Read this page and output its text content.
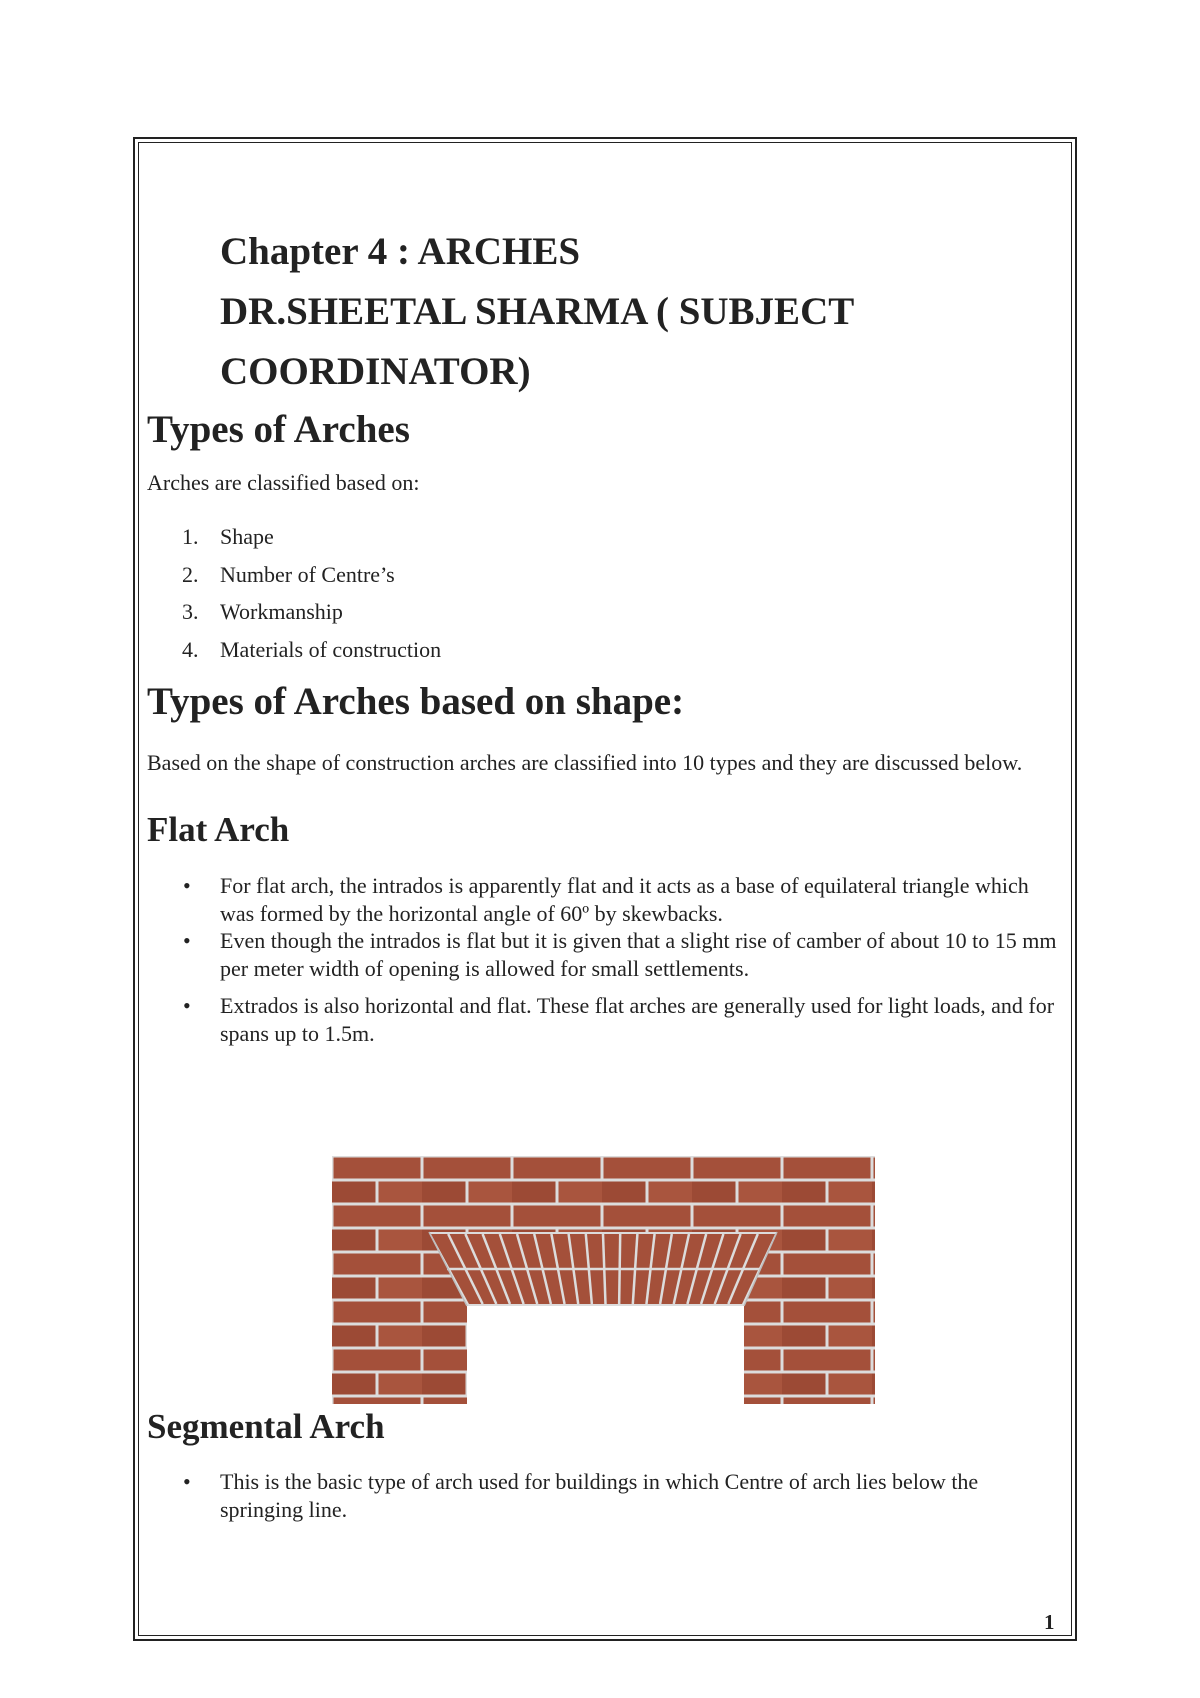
Chapter 4 : ARCHES
DR.SHEETAL SHARMA ( SUBJECT
COORDINATOR)
Types of Arches
Arches are classified based on:
1. Shape
2. Number of Centre’s
3. Workmanship
4. Materials of construction
Types of Arches based on shape:
Based on the shape of construction arches are classified into 10 types and they are discussed below.
Flat Arch
• For flat arch, the intrados is apparently flat and it acts as a base of equilateral triangle which was formed by the horizontal angle of 60º by skewbacks.
• Even though the intrados is flat but it is given that a slight rise of camber of about 10 to 15 mm per meter width of opening is allowed for small settlements.
• Extrados is also horizontal and flat. These flat arches are generally used for light loads, and for spans up to 1.5m.
Segmental Arch
• This is the basic type of arch used for buildings in which Centre of arch lies below the springing line.
1
